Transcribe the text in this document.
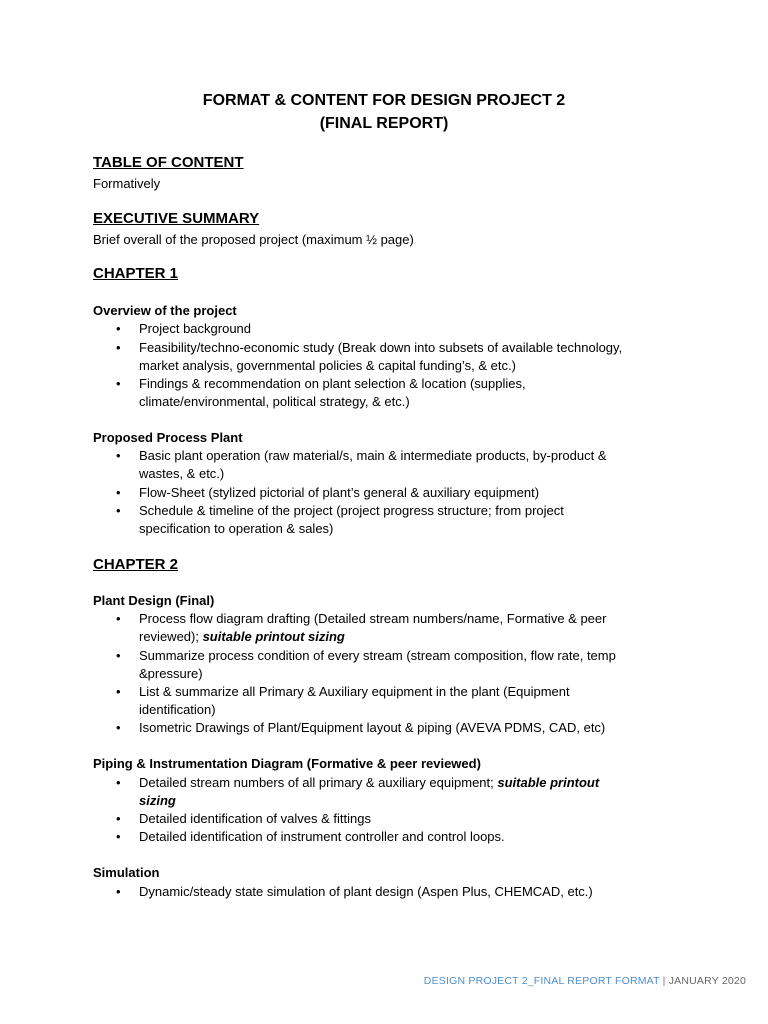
FORMAT & CONTENT FOR DESIGN PROJECT 2
(FINAL REPORT)
TABLE OF CONTENT
Formatively
EXECUTIVE SUMMARY
Brief overall of the proposed project (maximum ½ page)
CHAPTER 1
Overview of the project
•
Project background
•
Feasibility/techno-economic study (Break down into subsets of available technology,
market analysis, governmental policies & capital funding’s, & etc.)
•
Findings & recommendation on plant selection & location (supplies,
climate/environmental, political strategy, & etc.)
Proposed Process Plant
•
Basic plant operation (raw material/s, main & intermediate products, by-product &
wastes, & etc.)
•
Flow-Sheet (stylized pictorial of plant’s general & auxiliary equipment)
•
Schedule & timeline of the project (project progress structure; from project
specification to operation & sales)
CHAPTER 2
Plant Design (Final)
•
Process flow diagram drafting (Detailed stream numbers/name, Formative & peer
reviewed); suitable printout sizing
•
Summarize process condition of every stream (stream composition, flow rate, temp
&pressure)
•
List & summarize all Primary & Auxiliary equipment in the plant (Equipment
identification)
•
Isometric Drawings of Plant/Equipment layout & piping (AVEVA PDMS, CAD, etc)
Piping & Instrumentation Diagram (Formative & peer reviewed)
•
Detailed stream numbers of all primary & auxiliary equipment; suitable printout
sizing
•
Detailed identification of valves & fittings
•
Detailed identification of instrument controller and control loops.
Simulation
•
Dynamic/steady state simulation of plant design (Aspen Plus, CHEMCAD, etc.)
DESIGN PROJECT 2_FINAL REPORT FORMAT | JANUARY 2020
